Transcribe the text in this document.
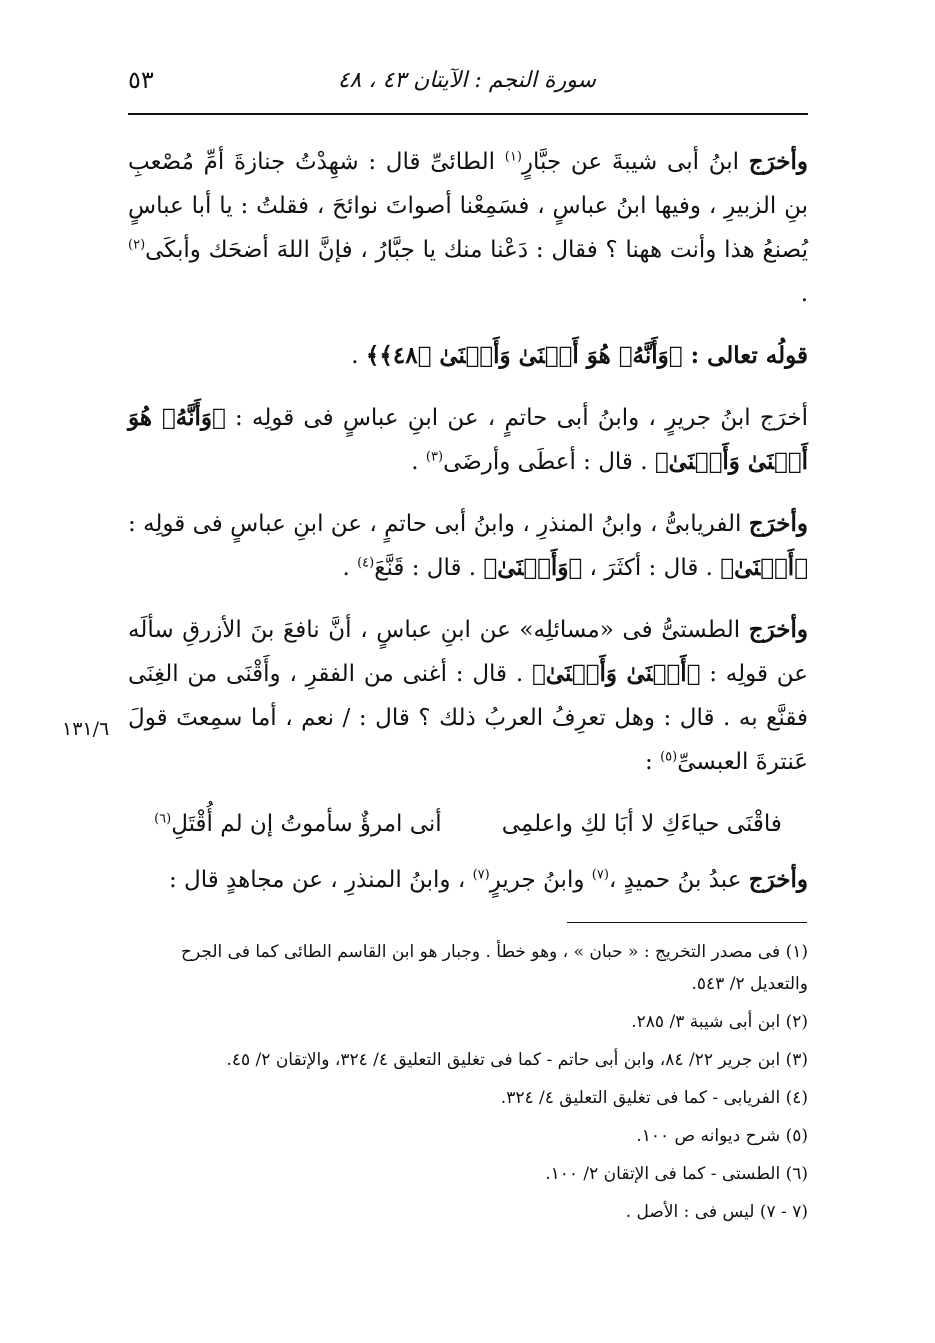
٥٣	سورة النجم : الآيتان ٤٣ ، ٤٨

وأخرَج ابنُ أبى شيبةَ عن جبَّارٍ$^{(١)}$ الطائىِّ قال : شهِدْتُ جنازةَ أمِّ مُصْعبِ بنِ الزبيرِ ، وفيها ابنُ عباسٍ ، فسَمِعْنا أصواتَ نوائحَ ، فقلتُ : يا أبا عباسٍ يُصنعُ هذا وأنت ههنا ؟ فقال : دَعْنا منك يا جبَّارُ ، فإنَّ اللهَ أضحَك وأبكَى$^{(٢)}$ .

قولُه تعالى : ﴿وَأَنَّهُۥ هُوَ أَغۡنَىٰ وَأَقۡنَىٰ ﴿٤٨﴾﴾ .

أخرَج ابنُ جريرٍ ، وابنُ أبى حاتمٍ ، عن ابنِ عباسٍ فى قولِه : ﴿وَأَنَّهُۥ هُوَ أَغۡنَىٰ وَأَقۡنَىٰ﴾ . قال : أعطَى وأرضَى$^{(٣)}$ .

وأخرَج الفريابىُّ ، وابنُ المنذرِ ، وابنُ أبى حاتمٍ ، عن ابنِ عباسٍ فى قولِه : ﴿أَغۡنَىٰ﴾ . قال : أكثَرَ ، ﴿وَأَقۡنَىٰ﴾ . قال : قَنَّعَ$^{(٤)}$ .

وأخرَج الطستىُّ فى «مسائلِه» عن ابنِ عباسٍ ، أنَّ نافعَ بنَ الأزرقِ سألَه عن قولِه : ﴿أَغۡنَىٰ وَأَقۡنَىٰ﴾ . قال : أغنى من الفقرِ ، وأَقْنَى من الغِنَى فقنَّع به . قال : وهل تعرِفُ العربُ ذلك ؟ قال : / نعم ، أما سمِعتَ قولَ عَنترةَ العبسىِّ$^{(٥)}$ :

فاقْنَى حياءَكِ لا أبَا لكِ واعلمِىأنى امرؤٌ سأموتُ إن لم أُقْتَلِ$^{(٦)}$

وأخرَج عبدُ بنُ حميدٍ ،$^{(٧)}$ وابنُ جريرٍ$^{(٧)}$ ، وابنُ المنذرِ ، عن مجاهدٍ قال :

١٣١/٦

(١) فى مصدر التخريج : « حبان » ، وهو خطأ . وجبار هو ابن القاسم الطائى كما فى الجرح والتعديل ٢/ ٥٤٣.

(٢) ابن أبى شيبة ٣/ ٢٨٥.

(٣) ابن جرير ٢٢/ ٨٤، وابن أبى حاتم - كما فى تغليق التعليق ٤/ ٣٢٤، والإتقان ٢/ ٤٥.

(٤) الفريابى - كما فى تغليق التعليق ٤/ ٣٢٤.

(٥) شرح ديوانه ص ١٠٠.

(٦) الطستى - كما فى الإتقان ٢/ ١٠٠.

(٧ - ٧) ليس فى : الأصل .
